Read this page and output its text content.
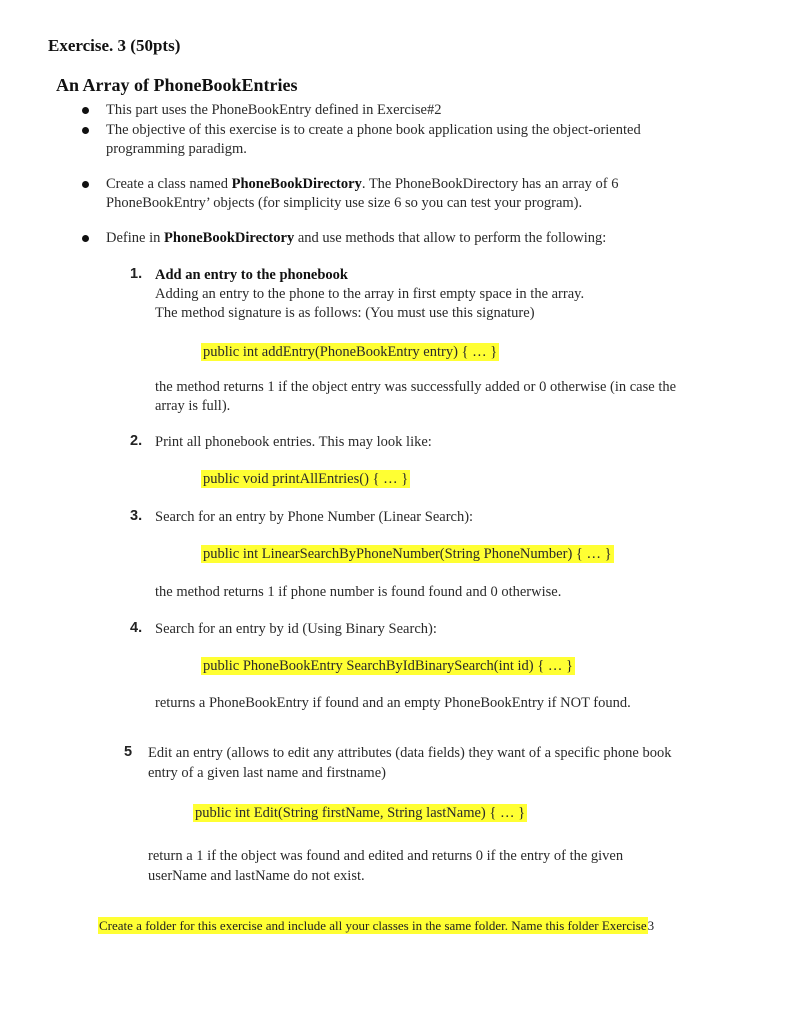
Exercise. 3 (50pts)
An Array of PhoneBookEntries
This part uses the PhoneBookEntry defined in Exercise#2
The objective of this exercise is to create a phone book application using the object-oriented
programming paradigm.
Create a class named PhoneBookDirectory. The PhoneBookDirectory has an array of 6
PhoneBookEntry’ objects (for simplicity use size 6 so you can test your program).
Define in PhoneBookDirectory and use methods that allow to perform the following:
1. Add an entry to the phonebook
Adding an entry to the phone to the array in first empty space in the array.
The method signature is as follows: (You must use this signature)
public int addEntry(PhoneBookEntry entry) { … }
the method returns 1 if the object entry was successfully added or 0 otherwise (in case the
array is full).
2. Print all phonebook entries. This may look like:
public void printAllEntries() { … }
3. Search for an entry by Phone Number (Linear Search):
public int LinearSearchByPhoneNumber(String PhoneNumber) { … }
the method returns 1 if phone number is found found and 0 otherwise.
4. Search for an entry by id (Using Binary Search):
public PhoneBookEntry SearchByIdBinarySearch(int id) { … }
returns a PhoneBookEntry if found and an empty PhoneBookEntry if NOT found.
5 Edit an entry (allows to edit any attributes (data fields) they want of a specific phone book
entry of a given last name and firstname)
public int Edit(String firstName, String lastName) { … }
return a 1 if the object was found and edited and returns 0 if the entry of the given
userName and lastName do not exist.
Create a folder for this exercise and include all your classes in the same folder. Name this folder Exercise3
